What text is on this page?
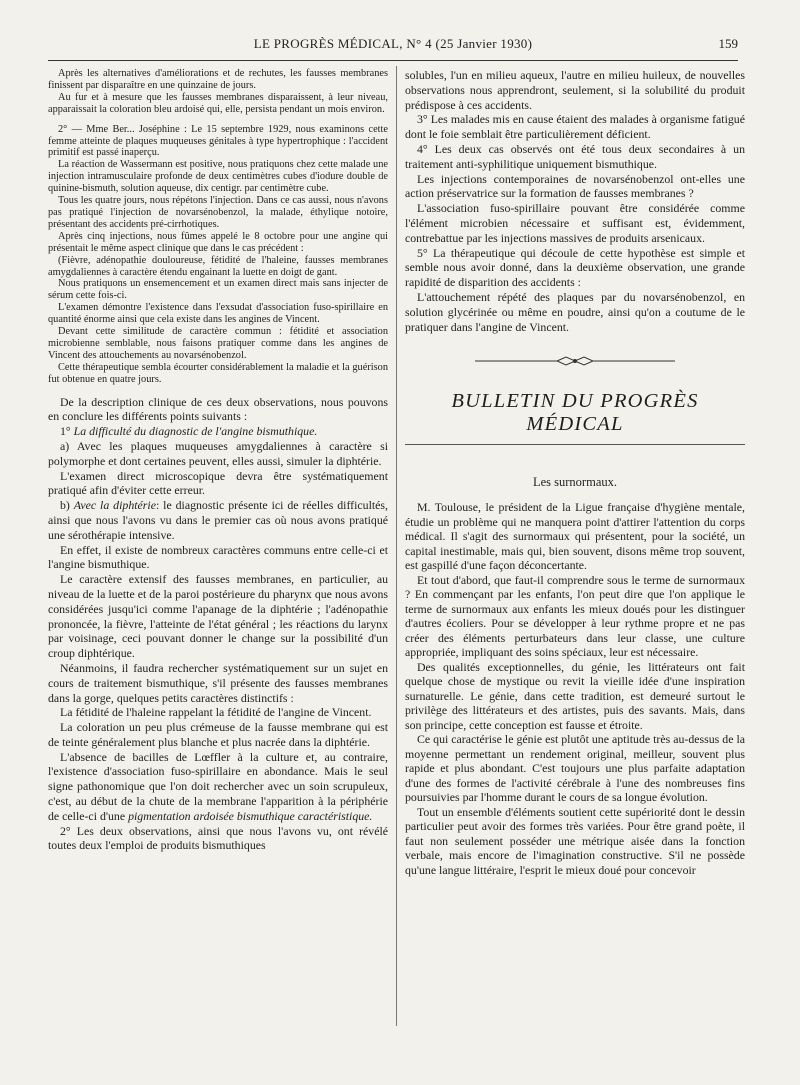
LE PROGRÈS MÉDICAL, N° 4 (25 Janvier 1930)	159

Après les alternatives d'améliorations et de rechutes, les fausses membranes finissent par disparaître en une quinzaine de jours.

Au fur et à mesure que les fausses membranes disparaissent, à leur niveau, apparaissait la coloration bleu ardoisé qui, elle, persista pendant un mois environ.

2° — Mme Ber... Joséphine : Le 15 septembre 1929, nous examinons cette femme atteinte de plaques muqueuses génitales à type hypertrophique : l'accident primitif est passé inaperçu.

La réaction de Wassermann est positive, nous pratiquons chez cette malade une injection intramusculaire profonde de deux centimètres cubes d'iodure double de quinine-bismuth, solution aqueuse, dix centigr. par centimètre cube.

Tous les quatre jours, nous répétons l'injection. Dans ce cas aussi, nous n'avons pas pratiqué l'injection de novarsénobenzol, la malade, éthylique notoire, présentant des accidents pré-cirrhotiques.

Après cinq injections, nous fûmes appelé le 8 octobre pour une angine qui présentait le même aspect clinique que dans le cas précédent :

(Fièvre, adénopathie douloureuse, fétidité de l'haleine, fausses membranes amygdaliennes à caractère étendu engainant la luette en doigt de gant.

Nous pratiquons un ensemencement et un examen direct mais sans injecter de sérum cette fois-ci.

L'examen démontre l'existence dans l'exsudat d'association fuso-spirillaire en quantité énorme ainsi que cela existe dans les angines de Vincent.

Devant cette similitude de caractère commun : fétidité et association microbienne semblable, nous faisons pratiquer comme dans les angines de Vincent des attouchements au novarsénobenzol.

Cette thérapeutique sembla écourter considérablement la maladie et la guérison fut obtenue en quatre jours.

De la description clinique de ces deux observations, nous pouvons en conclure les différents points suivants :

1° La difficulté du diagnostic de l'angine bismuthique.

a) Avec les plaques muqueuses amygdaliennes à caractère si polymorphe et dont certaines peuvent, elles aussi, simuler la diphtérie.

L'examen direct microscopique devra être systématiquement pratiqué afin d'éviter cette erreur.

b) Avec la diphtérie: le diagnostic présente ici de réelles difficultés, ainsi que nous l'avons vu dans le premier cas où nous avons pratiqué une sérothérapie intensive.

En effet, il existe de nombreux caractères communs entre celle-ci et l'angine bismuthique.

Le caractère extensif des fausses membranes, en particulier, au niveau de la luette et de la paroi postérieure du pharynx que nous avons considérées jusqu'ici comme l'apanage de la diphtérie ; l'adénopathie prononcée, la fièvre, l'atteinte de l'état général ; les réactions du larynx par voisinage, ceci pouvant donner le change sur la possibilité d'un croup diphtérique.

Néanmoins, il faudra rechercher systématiquement sur un sujet en cours de traitement bismuthique, s'il présente des fausses membranes dans la gorge, quelques petits caractères distinctifs :

La fétidité de l'haleine rappelant la fétidité de l'angine de Vincent.

La coloration un peu plus crémeuse de la fausse membrane qui est de teinte généralement plus blanche et plus nacrée dans la diphtérie.

L'absence de bacilles de Lœffler à la culture et, au contraire, l'existence d'association fuso-spirillaire en abondance. Mais le seul signe pathonomique que l'on doit rechercher avec un soin scrupuleux, c'est, au début de la chute de la membrane l'apparition à la périphérie de celle-ci d'une pigmentation ardoisée bismuthique caractéristique.

2° Les deux observations, ainsi que nous l'avons vu, ont révélé toutes deux l'emploi de produits bismuthiques

solubles, l'un en milieu aqueux, l'autre en milieu huileux, de nouvelles observations nous apprendront, seulement, si la solubilité du produit prédispose à ces accidents.

3° Les malades mis en cause étaient des malades à organisme fatigué dont le foie semblait être particulièrement déficient.

4° Les deux cas observés ont été tous deux secondaires à un traitement anti-syphilitique uniquement bismuthique.

Les injections contemporaines de novarsénobenzol ont-elles une action préservatrice sur la formation de fausses membranes ?

L'association fuso-spirillaire pouvant être considérée comme l'élément microbien nécessaire et suffisant est, évidemment, contrebattue par les injections massives de produits arsenicaux.

5° La thérapeutique qui découle de cette hypothèse est simple et semble nous avoir donné, dans la deuxième observation, une grande rapidité de disparition des accidents :

L'attouchement répété des plaques par du novarsénobenzol, en solution glycérinée ou même en poudre, ainsi qu'on a coutume de le pratiquer dans l'angine de Vincent.

BULLETIN DU PROGRÈS MÉDICAL
Les surnormaux.

M. Toulouse, le président de la Ligue française d'hygiène mentale, étudie un problème qui ne manquera point d'attirer l'attention du corps médical. Il s'agit des surnormaux qui présentent, pour la société, un capital inestimable, mais qui, bien souvent, disons même trop souvent, est gaspillé d'une façon déconcertante.

Et tout d'abord, que faut-il comprendre sous le terme de surnormaux ? En commençant par les enfants, l'on peut dire que l'on applique le terme de surnormaux aux enfants les mieux doués pour les distinguer d'autres écoliers. Pour se développer à leur rythme propre et ne pas créer des éléments perturbateurs dans leur classe, une culture appropriée, impliquant des soins spéciaux, leur est nécessaire.

Des qualités exceptionnelles, du génie, les littérateurs ont fait quelque chose de mystique ou revit la vieille idée d'une inspiration surnaturelle. Le génie, dans cette tradition, est demeuré surtout le privilège des littérateurs et des artistes, puis des savants. Mais, dans son principe, cette conception est fausse et étroite.

Ce qui caractérise le génie est plutôt une aptitude très au-dessus de la moyenne permettant un rendement original, meilleur, souvent plus rapide et plus abondant. C'est toujours une plus parfaite adaptation d'une des formes de l'activité cérébrale à l'une des nombreuses fins poursuivies par l'homme durant le cours de sa longue évolution.

Tout un ensemble d'éléments soutient cette supériorité dont le dessin particulier peut avoir des formes très variées. Pour être grand poète, il faut non seulement posséder une métrique aisée dans la fonction verbale, mais encore de l'imagination constructive. S'il ne possède qu'une langue littéraire, l'esprit le mieux doué pour concevoir
